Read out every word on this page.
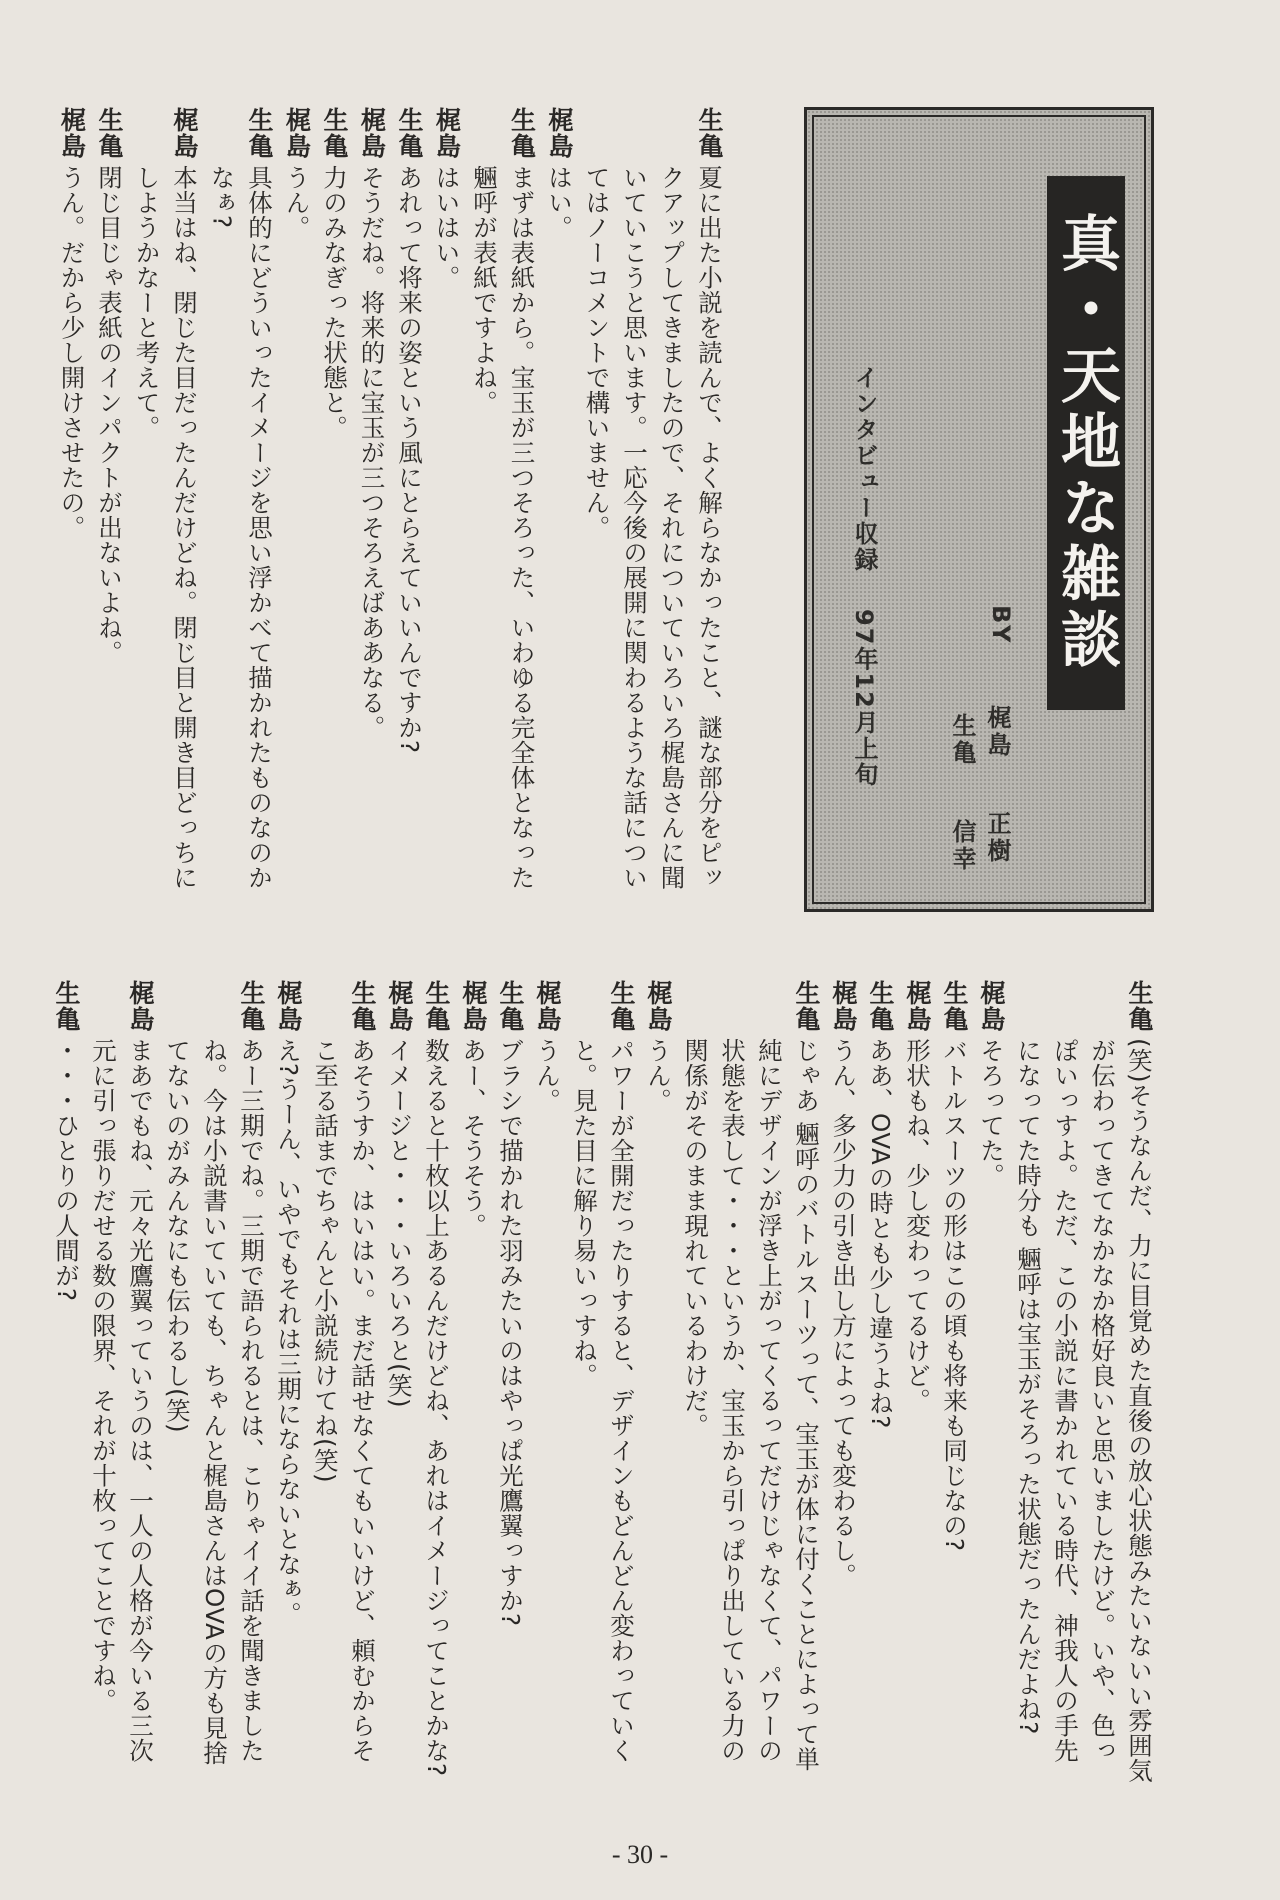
真・天地な雑談
BY
梶島
正樹
生亀
信幸
インタビュー収録97年12月上旬
生亀
夏に出た小説を読んで、よく解らなかったこと、謎な部分をピックアップしてきましたので、それについていろいろ梶島さんに聞いていこうと思います。一応今後の展開に関わるような話についてはノーコメントで構いません。
梶島
はい。
生亀
まずは表紙から。宝玉が三つそろった、いわゆる完全体となった魎呼が表紙ですよね。
梶島
はいはい。
生亀
あれって将来の姿という風にとらえていいんですか?
梶島
そうだね。将来的に宝玉が三つそろえばああなる。
生亀
力のみなぎった状態と。
梶島
うん。
生亀
具体的にどういったイメージを思い浮かべて描かれたものなのかなぁ?
梶島
本当はね、閉じた目だったんだけどね。閉じ目と開き目どっちにしようかなーと考えて。
生亀
閉じ目じゃ表紙のインパクトが出ないよね。
梶島
うん。だから少し開けさせたの。
生亀
(笑)そうなんだ、力に目覚めた直後の放心状態みたいないい雰囲気が伝わってきてなかなか格好良いと思いましたけど。いや、色っぽいっすよ。ただ、この小説に書かれている時代、神我人の手先になってた時分も 魎呼は宝玉がそろった状態だったんだよね?
梶島
そろってた。
生亀
バトルスーツの形はこの頃も将来も同じなの?
梶島
形状もね、少し変わってるけど。
生亀
ああ、OVAの時とも少し違うよね?
梶島
うん、多少力の引き出し方によっても変わるし。
生亀
じゃあ 魎呼のバトルスーツって、宝玉が体に付くことによって単純にデザインが浮き上がってくるってだけじゃなくて、パワーの状態を表して・・・というか、宝玉から引っぱり出している力の関係がそのまま現れているわけだ。
梶島
うん。
生亀
パワーが全開だったりすると、デザインもどんどん変わっていくと。見た目に解り易いっすね。
梶島
うん。
生亀
ブラシで描かれた羽みたいのはやっぱ光鷹翼っすか?
梶島
あー、そうそう。
生亀
数えると十枚以上あるんだけどね、あれはイメージってことかな?
梶島
イメージと・・・いろいろと(笑)
生亀
あそうすか、はいはい。まだ話せなくてもいいけど、頼むからそこ至る話までちゃんと小説続けてね(笑)
梶島
え?うーん、いやでもそれは三期にならないとなぁ。
生亀
あー三期でね。三期で語られるとは、こりゃイイ話を聞きましたね。今は小説書いていても、ちゃんと梶島さんはOVAの方も見捨てないのがみんなにも伝わるし(笑)
梶島
まあでもね、元々光鷹翼っていうのは、一人の人格が今いる三次元に引っ張りだせる数の限界、それが十枚ってことですね。
生亀
・・・ひとりの人間が?
- 30 -
